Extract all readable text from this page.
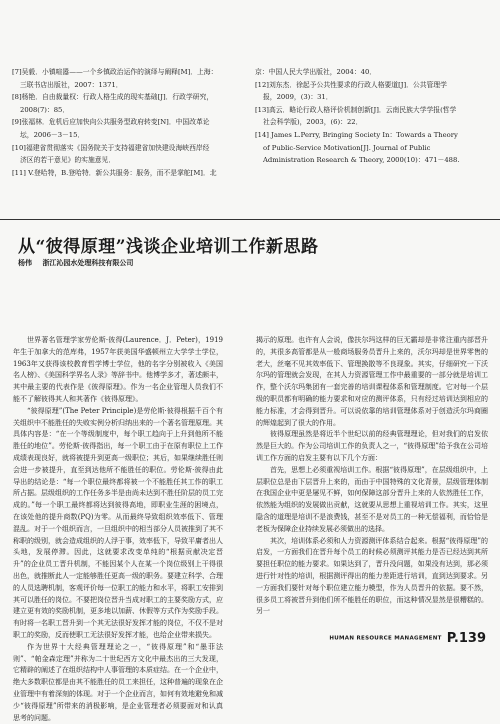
[7]吴毅．小镇喧嚣——一个乡镇政治运作的演绎与阐释[M]．上海：

三联书店出版社，2007：1371．

[8]杨艳．自由裁量权：行政人格生成的现实基础[J]．行政学研究，

2008(7)：85．

[9]张福林．危机后应加快向公共服务型政府转变[N]．中国改革论

坛，2006－3－15．

[10]福建省贯彻落实《国务院关于支持福建省加快建设海峡西岸经

济区的若干意见》的实施意见．

[11] V.登哈特，B.登哈特．新公共服务：服务，而不是掌舵[M]．北

京：中国人民大学出版社，2004：40．

[12]刘东杰．徐起予公共性要求的行政人格要道[J]．公共管理学

报，2009，(3)：31．

[13]高云．略论行政人格评价机制创新[J]．云南民族大学学报(哲学

社会科学版)，2003，(6)：22．

[14] James L.Perry, Bringing Society In：Towards a Theory

of Public-Service Motivation[J]. Journal of Public

Administration Research & Theory, 2000(10)：471－488.

从“彼得原理”浅谈企业培训工作新思路
杨伟 浙江沁园水处理科技有限公司

世界著名管理学家劳伦斯·彼得(Laurence．J．Peter)，1919年生于加拿大的范库弗，1957年获美国华盛顿州立大学学士学位，1963年又获得该校教育哲学博士学位，他的名字分别被收入《美国名人榜》、《美国科学界名人录》等辞书中。他博学多才，著述颇丰，其中最主要的代表作是《彼得原理》。作为一名企业管理人员我们不能不了解彼得其人和其著作《彼得原理》。

“彼得原理”(The Peter Principle)是劳伦斯·彼得根据千百个有关组织中不能胜任的失败实例分析归纳出来的一个著名管理原理。其具体内容是：“在一个等级制度中，每个职工趋向于上升到他所不能胜任的地位”。劳伦斯·彼得指出，每一个职工由于在原有职位上工作成绩表现良好，就将被提升到更高一级职位；其后，如果继续胜任则会进一步被提升，直至到达他所不能胜任的职位。劳伦斯·彼得由此导出的结论是：“每一个职位最终都将被一个不能胜任其工作的职工所占据。层级组织的工作任务多半是由尚未达到不胜任阶层的员工完成的。”每一个职工最终都将达到彼得高地，即职业生涯的困境点，在该处他的提升商数(PQ)为零。从而最终导致组织效率低下、管理混乱。对于一个组织而言，一旦组织中的相当部分人员被推到了其不称职的级别，就会造成组织的人浮于事，效率低下，导致平庸者出人头地，发展停滞。因此，这就要求改变单纯的“根据贡献决定晋升”的企业员工晋升机制，不能因某个人在某一个岗位级别上干得很出色，就推断此人一定能够胜任更高一级的职务。要建立科学、合理的人员选聘机制，客观评价每一位职工的能力和水平，将职工安排到其可以胜任的岗位。不要把岗位晋升当成对职工的主要奖励方式，应建立更有效的奖励机制，更多地以加薪、休假等方式作为奖励手段。有时将一名职工晋升到一个其无法很好发挥才能的岗位，不仅不是对职工的奖励，反而使职工无法很好发挥才能，也给企业带来损失。

作为世界十大经典管理理论之一，“彼得原理”和“墨菲法则”、“帕金森定理”并称为二十世纪西方文化中最杰出的三大发现，它精辟的阐述了在组织结构中人事管理的本质症结。在一个企业中，绝大多数职位都是由其不能胜任的员工来担任，这种普遍的现象在企业管理中有着深刻的体现。对于一个企业而言，如何有效地避免和减少“彼得原理”所带来的消极影响，是企业管理者必须要面对和认真思考的问题。

揭示的原理。也许有人会说，像扶尔玛这样的巨无霸却是非常注重内部晋升的，其很多高管都是从一般商场服务员晋升上来的，沃尔玛却是世界零售的老大，丝毫不见其效率低下、管理换散等不良现象。其实，仔细研究一下沃尔玛的管理就会发现，在其人力资源管理工作中最重要的一部分就是培训工作，整个沃尔玛集团有一套完善的培训课程体系和管理制度。它对每一个层级的职员都有明确的能力要求和对应的测评体系，只有经过培训达到相应的能力标准，才会得到晋升。可以说依靠的培训管理体系对于创造沃尔玛商圈的辉煌起到了很大的作用。

彼得原理虽然是将近半个世纪以前的经典管理理论，但对我们的启发依然是巨大的。作为公司培训工作的负责人之一，“彼得原理”给予我在公司培训工作方面的启发主要有以下几个方面：

首先，思想上必须重视培训工作。根据“彼得原理”，在层级组织中，上层职位总是由下层晋升上来的，而由于中国特殊的文化背景，层级管理体制在我国企业中更是屡见不鲜，如何保障这部分晋升上来的人依然胜任工作，依然能为组织的发展做出贡献，这就要从思想上重视培训工作。其实，这里隐含的道理是培训不是浪费钱，甚至不是对员工的一种无偿福利，而恰恰是老板为保障企业持续发展必须做出的选择。

其次，培训体系必须和人力资源测评体系结合起来。根据“彼得原理”的启发，一方面我们在晋升每个员工的时候必须测评其能力是否已经达到其所要担任职位的能力要求。如果达到了，晋升没问题，如果没有达到，那必须进行针对性的培训，根据测评得出的能力差距进行培训，直到达到要求。另一方面我们要针对每个职位建立能力模型，作为人员晋升的依据。要不然，很多员工将被晋升到他们所不能胜任的职位，而这种情况显然是很糟糕的。另一

HUMAN RESOURCE MANAGEMENT P.139
